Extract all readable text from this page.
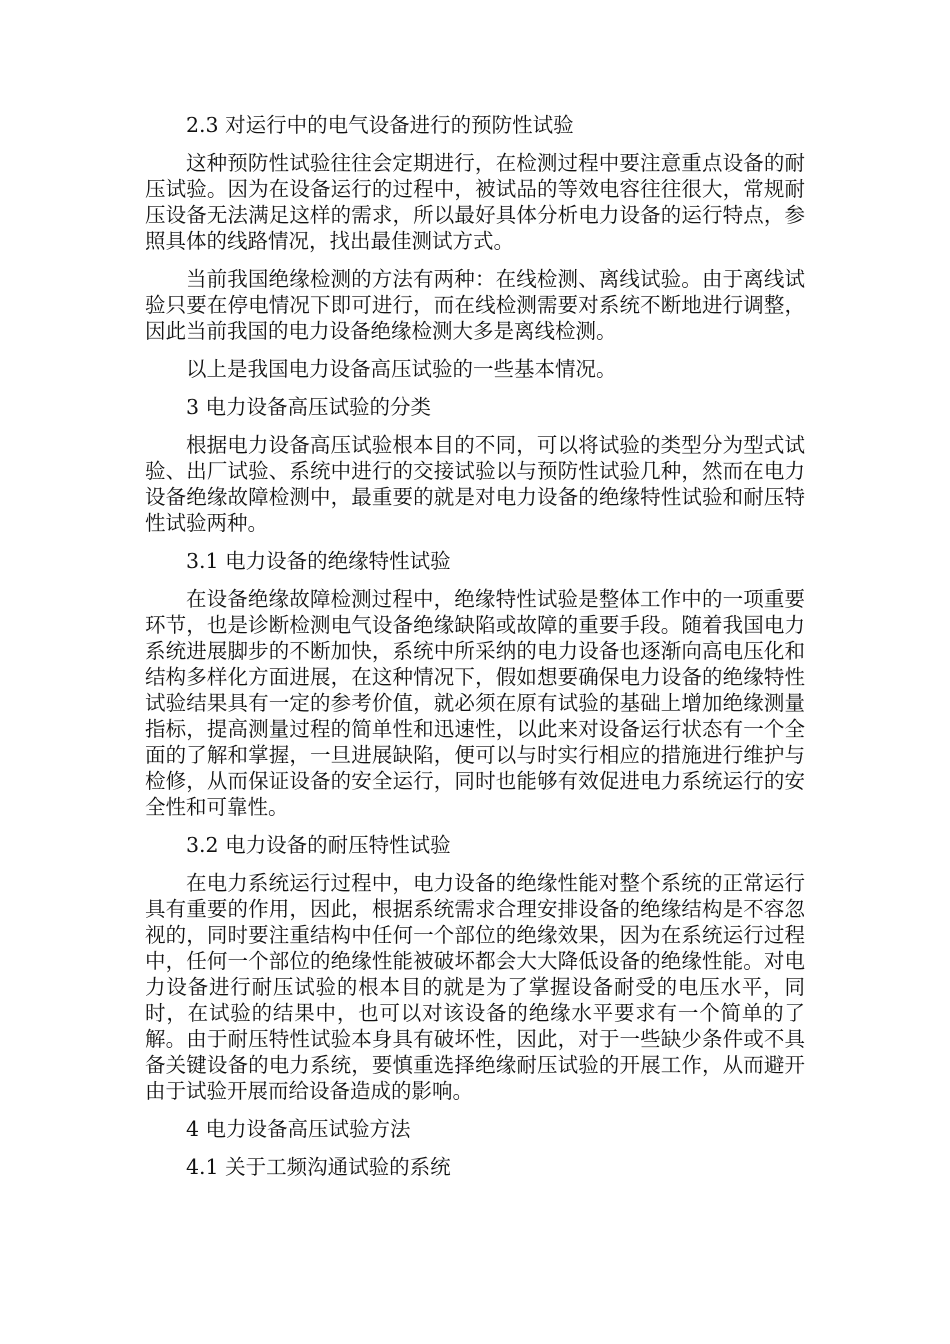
2.3 对运行中的电气设备进行的预防性试验

这种预防性试验往往会定期进行，在检测过程中要注意重点设备的耐压试验。因为在设备运行的过程中，被试品的等效电容往往很大，常规耐压设备无法满足这样的需求，所以最好具体分析电力设备的运行特点，参照具体的线路情况，找出最佳测试方式。

当前我国绝缘检测的方法有两种：在线检测、离线试验。由于离线试验只要在停电情况下即可进行，而在线检测需要对系统不断地进行调整，因此当前我国的电力设备绝缘检测大多是离线检测。

以上是我国电力设备高压试验的一些基本情况。

3 电力设备高压试验的分类

根据电力设备高压试验根本目的不同，可以将试验的类型分为型式试验、出厂试验、系统中进行的交接试验以与预防性试验几种，然而在电力设备绝缘故障检测中，最重要的就是对电力设备的绝缘特性试验和耐压特性试验两种。

3.1 电力设备的绝缘特性试验

在设备绝缘故障检测过程中，绝缘特性试验是整体工作中的一项重要环节，也是诊断检测电气设备绝缘缺陷或故障的重要手段。随着我国电力系统进展脚步的不断加快，系统中所采纳的电力设备也逐渐向高电压化和结构多样化方面进展，在这种情况下，假如想要确保电力设备的绝缘特性试验结果具有一定的参考价值，就必须在原有试验的基础上增加绝缘测量指标，提高测量过程的简单性和迅速性，以此来对设备运行状态有一个全面的了解和掌握，一旦进展缺陷，便可以与时实行相应的措施进行维护与检修，从而保证设备的安全运行，同时也能够有效促进电力系统运行的安全性和可靠性。

3.2 电力设备的耐压特性试验

在电力系统运行过程中，电力设备的绝缘性能对整个系统的正常运行具有重要的作用，因此，根据系统需求合理安排设备的绝缘结构是不容忽视的，同时要注重结构中任何一个部位的绝缘效果，因为在系统运行过程中，任何一个部位的绝缘性能被破坏都会大大降低设备的绝缘性能。对电力设备进行耐压试验的根本目的就是为了掌握设备耐受的电压水平，同时，在试验的结果中，也可以对该设备的绝缘水平要求有一个简单的了解。由于耐压特性试验本身具有破坏性，因此，对于一些缺少条件或不具备关键设备的电力系统，要慎重选择绝缘耐压试验的开展工作，从而避开由于试验开展而给设备造成的影响。

4 电力设备高压试验方法

4.1 关于工频沟通试验的系统
